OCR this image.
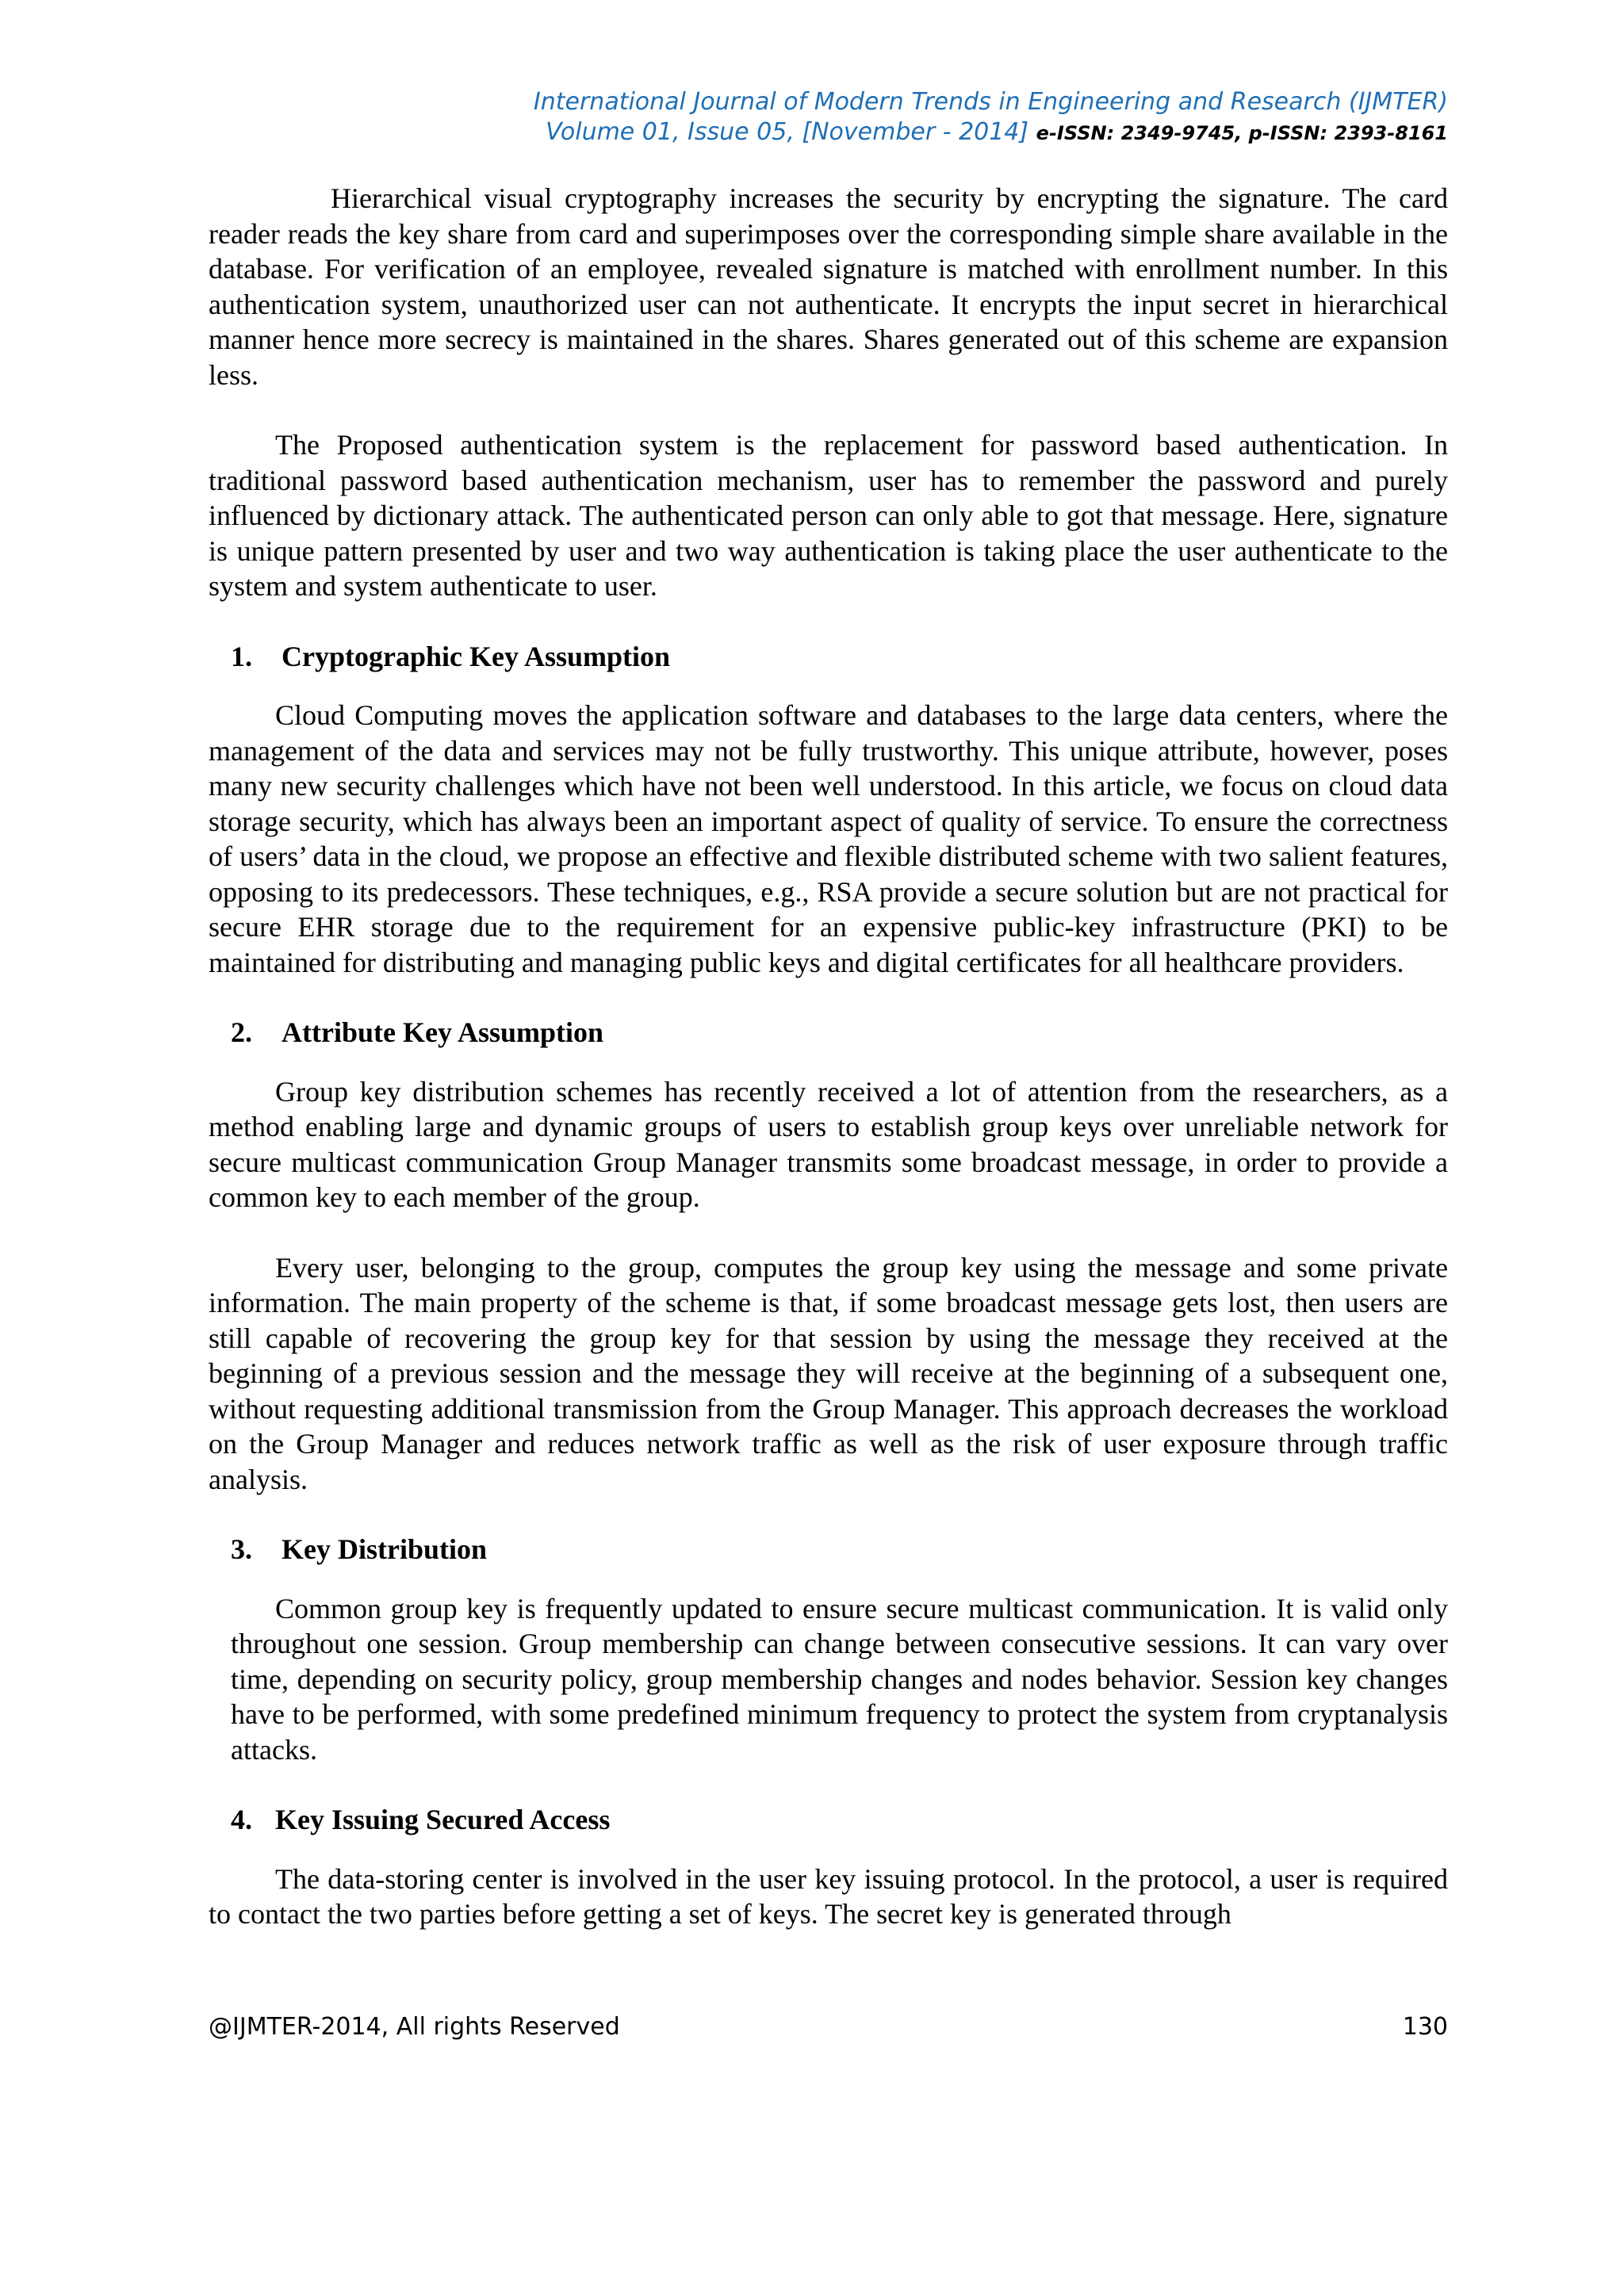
International Journal of Modern Trends in Engineering and Research (IJMTER)
Volume 01, Issue 05, [November - 2014] e-ISSN: 2349-9745, p-ISSN: 2393-8161

Hierarchical visual cryptography increases the security by encrypting the signature. The card reader reads the key share from card and superimposes over the corresponding simple share available in the database. For verification of an employee, revealed signature is matched with enrollment number. In this authentication system, unauthorized user can not authenticate. It encrypts the input secret in hierarchical manner hence more secrecy is maintained in the shares. Shares generated out of this scheme are expansion less.

The Proposed authentication system is the replacement for password based authentication. In traditional password based authentication mechanism, user has to remember the password and purely influenced by dictionary attack. The authenticated person can only able to got that message. Here, signature is unique pattern presented by user and two way authentication is taking place the user authenticate to the system and system authenticate to user.

1. Cryptographic Key Assumption

Cloud Computing moves the application software and databases to the large data centers, where the management of the data and services may not be fully trustworthy. This unique attribute, however, poses many new security challenges which have not been well understood. In this article, we focus on cloud data storage security, which has always been an important aspect of quality of service. To ensure the correctness of users’ data in the cloud, we propose an effective and flexible distributed scheme with two salient features, opposing to its predecessors. These techniques, e.g., RSA provide a secure solution but are not practical for secure EHR storage due to the requirement for an expensive public-key infrastructure (PKI) to be maintained for distributing and managing public keys and digital certificates for all healthcare providers.

2. Attribute Key Assumption

Group key distribution schemes has recently received a lot of attention from the researchers, as a method enabling large and dynamic groups of users to establish group keys over unreliable network for secure multicast communication Group Manager transmits some broadcast message, in order to provide a common key to each member of the group.

Every user, belonging to the group, computes the group key using the message and some private information. The main property of the scheme is that, if some broadcast message gets lost, then users are still capable of recovering the group key for that session by using the message they received at the beginning of a previous session and the message they will receive at the beginning of a subsequent one, without requesting additional transmission from the Group Manager. This approach decreases the workload on the Group Manager and reduces network traffic as well as the risk of user exposure through traffic analysis.

3. Key Distribution

Common group key is frequently updated to ensure secure multicast communication. It is valid only throughout one session. Group membership can change between consecutive sessions. It can vary over time, depending on security policy, group membership changes and nodes behavior. Session key changes have to be performed, with some predefined minimum frequency to protect the system from cryptanalysis attacks.

4. Key Issuing Secured Access

The data-storing center is involved in the user key issuing protocol. In the protocol, a user is required to contact the two parties before getting a set of keys. The secret key is generated through

@IJMTER-2014, All rights Reserved	130
